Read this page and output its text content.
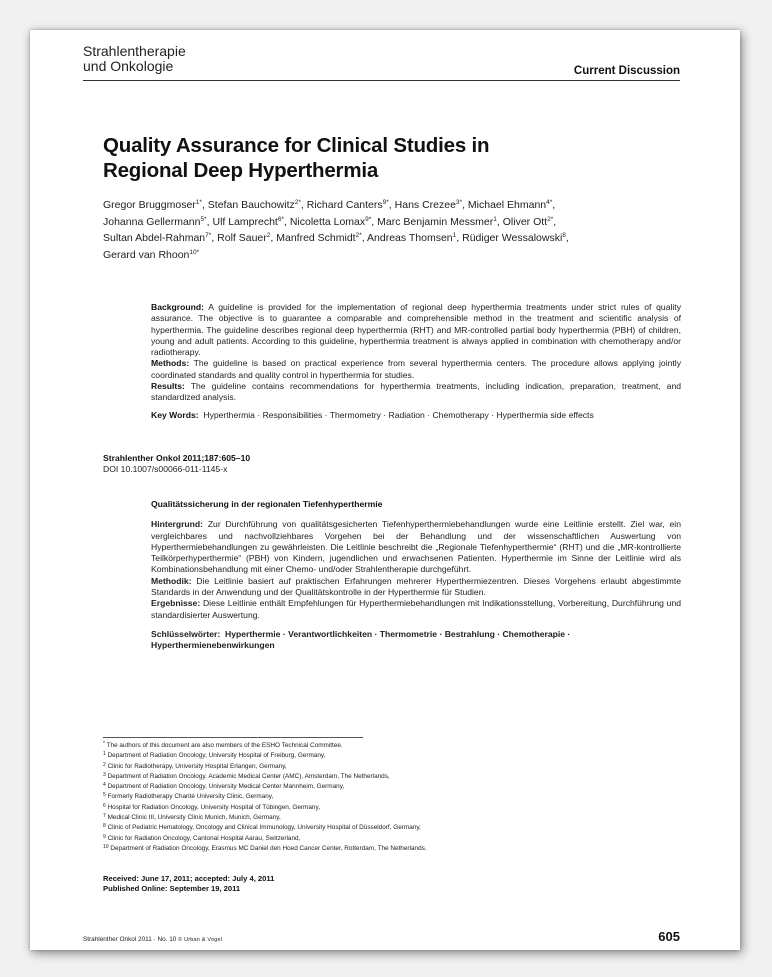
Strahlentherapie
und Onkologie	Current Discussion
Quality Assurance for Clinical Studies in
Regional Deep Hyperthermia
Gregor Bruggmoser$^{1*}$, Stefan Bauchowitz$^{2*}$, Richard Canters$^{9*}$, Hans Crezee$^{3*}$, Michael Ehmann$^{4*}$,
Johanna Gellermann$^{5*}$, Ulf Lamprecht$^{6*}$, Nicoletta Lomax$^{9*}$, Marc Benjamin Messmer$^1$, Oliver Ott$^{2*}$,
Sultan Abdel-Rahman$^{7*}$, Rolf Sauer$^2$, Manfred Schmidt$^{2*}$, Andreas Thomsen$^1$, Rüdiger Wessalowski$^8$,
Gerard van Rhoon$^{10*}$

Background: A guideline is provided for the implementation of regional deep hyperthermia treatments under strict rules of quality assurance. The objective is to guarantee a comparable and comprehensible method in the treatment and scientific analysis of hyperthermia. The guideline describes regional deep hyperthermia (RHT) and MR-controlled partial body hyperthermia (PBH) of children, young and adult patients. According to this guideline, hyperthermia treatment is always applied in combination with chemotherapy and/or radiotherapy.

Methods: The guideline is based on practical experience from several hyperthermia centers. The procedure allows applying jointly coordinated standards and quality control in hyperthermia for studies.

Results: The guideline contains recommendations for hyperthermia treatments, including indication, preparation, treatment, and standardized analysis.

Key Words: Hyperthermia · Responsibilities · Thermometry · Radiation · Chemotherapy · Hyperthermia side effects

Strahlenther Onkol 2011;187:605–10
DOI 10.1007/s00066-011-1145-x

Qualitätssicherung in der regionalen Tiefenhyperthermie

Hintergrund: Zur Durchführung von qualitätsgesicherten Tiefenhyperthermiebehandlungen wurde eine Leitlinie erstellt. Ziel war, ein vergleichbares und nachvollziehbares Vorgehen bei der Behandlung und der wissenschaftlichen Auswertung von Hyperthermiebehandlungen zu gewährleisten. Die Leitlinie beschreibt die „Regionale Tiefenhyperthermie“ (RHT) und die „MR-kontrollierte Teilkörperhyperthermie“ (PBH) von Kindern, jugendlichen und erwachsenen Patienten. Hyperthermie im Sinne der Leitlinie wird als Kombinationsbehandlung mit einer Chemo- und/oder Strahlentherapie durchgeführt.

Methodik: Die Leitlinie basiert auf praktischen Erfahrungen mehrerer Hyperthermiezentren. Dieses Vorgehens erlaubt abgestimmte Standards in der Anwendung und der Qualitätskontrolle in der Hyperthermie für Studien.

Ergebnisse: Diese Leitlinie enthält Empfehlungen für Hyperthermiebehandlungen mit Indikationsstellung, Vorbereitung, Durchführung und standardisierter Auswertung.

Schlüsselwörter: Hyperthermie · Verantwortlichkeiten · Thermometrie · Bestrahlung · Chemotherapie · Hyperthermienebenwirkungen

* The authors of this document are also members of the ESHO Technical Committee.
$^1$ Department of Radiation Oncology, University Hospital of Freiburg, Germany,
$^2$ Clinic for Radiotherapy, University Hospital Erlangen, Germany,
$^3$ Department of Radiation Oncology, Academic Medical Center (AMC), Amsterdam, The Netherlands,
$^4$ Department of Radiation Oncology, University Medical Center Mannheim, Germany,
$^5$ Formerly Radiotherapy Charité University Clinic, Germany,
$^6$ Hospital for Radiation Oncology, University Hospital of Tübingen, Germany,
$^7$ Medical Clinic III, University Clinic Munich, Munich, Germany,
$^8$ Clinic of Pediatric Hematology, Oncology and Clinical Immunology, University Hospital of Düsseldorf, Germany,
$^9$ Clinic for Radiation Oncology, Cantonal Hospital Aarau, Switzerland,
$^{10}$ Department of Radiation Oncology, Erasmus MC Daniel den Hoed Cancer Center, Rotterdam, The Netherlands.
Received: June 17, 2011; accepted: July 4, 2011
Published Online: September 19, 2011
Strahlenther Onkol 2011 · No. 10 © Urban & Vogel	605
